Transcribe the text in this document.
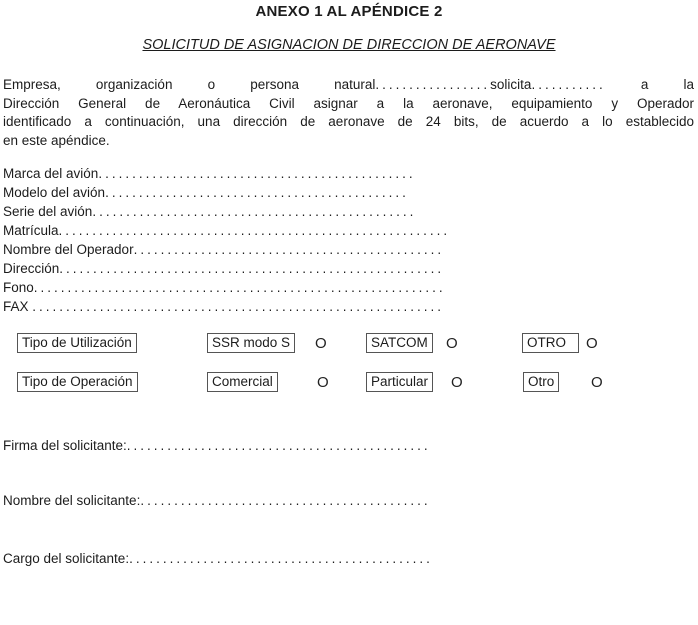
ANEXO 1 AL APÉNDICE 2
SOLICITUD DE ASIGNACION DE DIRECCION DE AERONAVE
Empresa, organización o persona natural.................solicita........... a la
Dirección General de Aeronáutica Civil asignar a la aeronave, equipamiento y Operador
identificado a continuación, una dirección de aeronave de 24 bits, de acuerdo a lo establecido
en este apéndice.
Marca del avión...............................................
Modelo del avión.............................................
Serie del avión................................................
Matrícula..........................................................
Nombre del Operador..............................................
Dirección.........................................................
Fono.............................................................
FAX .............................................................
Tipo de Utilización	SSR modo S	O	SATCOM	O	OTRO	O
Tipo de Operación	Comercial	O	Particular	O	Otro	O
Firma del solicitante:.............................................
Nombre del solicitante:...........................................
Cargo del solicitante:.............................................
